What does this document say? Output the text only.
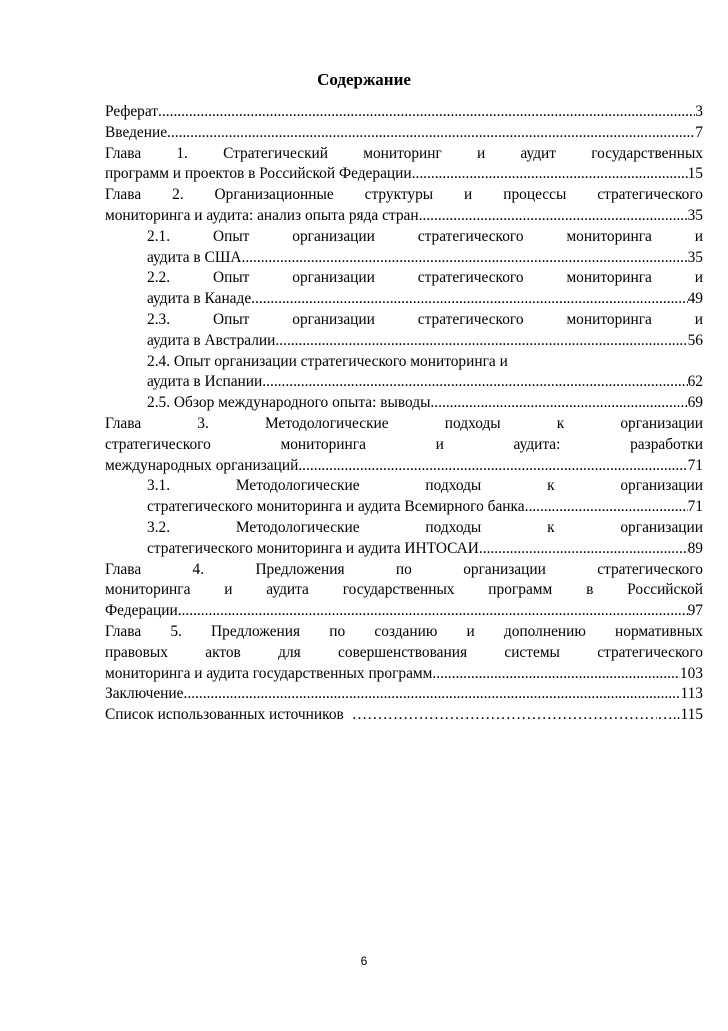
Содержание
Реферат .....	3
Введение .....	7
Глава 1. Стратегический мониторинг и аудит государственных
программ и проектов в Российской Федерации .....	15
Глава 2. Организационные структуры и процессы стратегического
мониторинга и аудита: анализ опыта ряда стран .....	35
2.1. Опыт организации стратегического мониторинга и
аудита в США .....	35
2.2. Опыт организации стратегического мониторинга и
аудита в Канаде .....	49
2.3. Опыт организации стратегического мониторинга и
аудита в Австралии .....	56
2.4. Опыт организации стратегического мониторинга и
аудита в Испании .....	62
2.5. Обзор международного опыта: выводы .....	69
Глава 3. Методологические подходы к организации
стратегического мониторинга и аудита: разработки
международных организаций .....	71
3.1. Методологические подходы к организации
стратегического мониторинга и аудита Всемирного банка .....	71
3.2. Методологические подходы к организации
стратегического мониторинга и аудита ИНТОСАИ .....	89
Глава 4. Предложения по организации стратегического
мониторинга и аудита государственных программ в Российской
Федерации .....	97
Глава 5. Предложения по созданию и дополнению нормативных
правовых актов для совершенствования системы стратегического
мониторинга и аудита государственных программ .....	103
Заключение .....	113
Список использованных источников ……………………………………………………………………………………………	…..115
6
